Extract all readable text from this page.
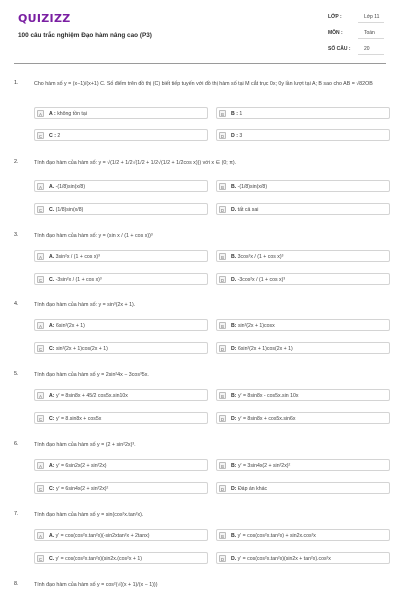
QUIZIZZ
100 câu trắc nghiệm Đạo hàm nâng cao (P3)
LỚP :	Lớp 11
MÔN :	Toán
SỐ CÂU :	20
1.	Cho hàm số y = (x−1)/(x+1) C. Số điểm trên đồ thị (C) biết tiếp tuyến với đồ thị hàm số tại M cắt trục 0x; 0y lần lượt tại A; B sao cho AB = √82OB
A	A : không tồn tại	B	B : 1
C	C : 2	D	D : 3
2.	Tính đạo hàm của hàm số: y = √(1/2 + 1/2√(1/2 + 1/2√(1/2 + 1/2cos x))) với x ∈ (0; π).
A	A. -(1/8)sin(x/8)	B	B. -(1/8)sin(x/8)
C	C. (1/8)sin(x/8)	D	D. tất cả sai
3.	Tính đạo hàm của hàm số: y = (sin x / (1 + cos x))³
A	A. 3sin²x / (1 + cos x)³	B	B. 3cos²x / (1 + cos x)³
C	C. -3sin²x / (1 + cos x)³	D	D. -3cos²x / (1 + cos x)³
4.	Tính đạo hàm của hàm số: y = sin³(2x + 1).
A	A: 6sin²(2x + 1)	B	B: sin²(2x + 1)cosx
C	C: sin²(2x + 1)cos(2x + 1)	D	D: 6sin²(2x + 1)cos(2x + 1)
5.	Tính đạo hàm của hàm số y = 2sin²4x − 3cos³5x.
A	A: y' = 8sin8x + 45/2 cos5x.sin10x	B	B: y' = 8sin8x - cos5x.sin 10x
C	C: y' = 8.sin8x + cos5x	D	D: y' = 8sin8x + cos5x.sin6x
6.	Tính đạo hàm của hàm số y = (2 + sin²2x)³.
A	A: y' = 6sin2x(2 + sin²2x)	B	B: y' = 3sin4x(2 + sin²2x)²
C	C: y' = 6sin4x(2 + sin²2x)²	D	D: Đáp án khác
7.	Tính đạo hàm của hàm số y = sin(cos²x.tan²x).
A	A. y' = cos(cos²x.tan²x)(-sin2xtan²x + 2tanx)	B	B. y' = cos(cos²x.tan²x) + sin2x.cos²x
C	C. y' = cos(cos²x.tan²x)(sin2x.(cos²x + 1)	D	D. y' = cos(cos²x.tan²x)(sin2x + tan²x).cos²x
8.	Tính đạo hàm của hàm số y = cos²(√((x + 1)/(x − 1)))
